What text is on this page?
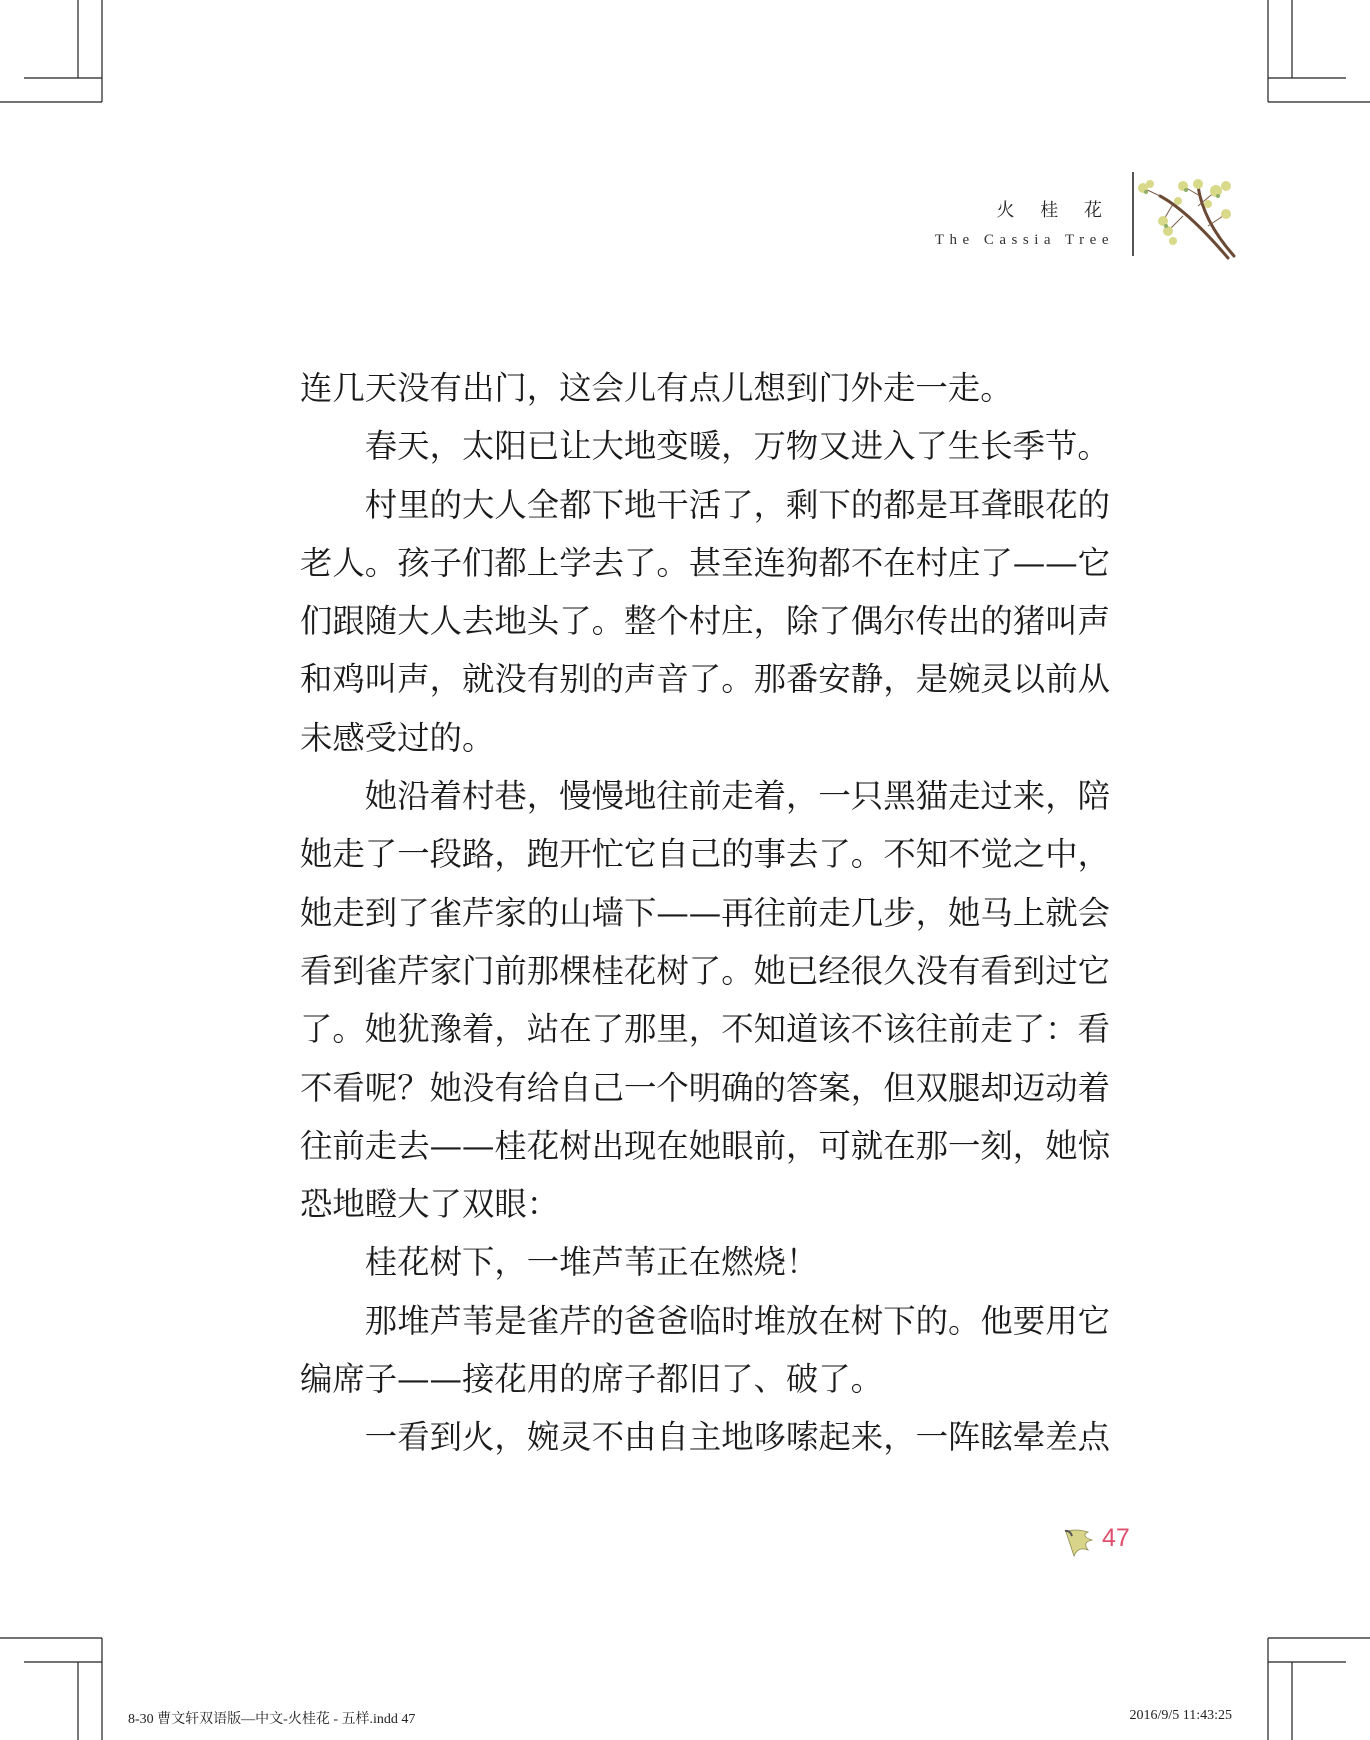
火 桂 花
The Cassia Tree
连几天没有出门，这会儿有点儿想到门外走一走。
春天，太阳已让大地变暖，万物又进入了生长季节。
村里的大人全都下地干活了，剩下的都是耳聋眼花的
老人。孩子们都上学去了。甚至连狗都不在村庄了——它
们跟随大人去地头了。整个村庄，除了偶尔传出的猪叫声
和鸡叫声，就没有别的声音了。那番安静，是婉灵以前从
未感受过的。
她沿着村巷，慢慢地往前走着，一只黑猫走过来，陪
她走了一段路，跑开忙它自己的事去了。不知不觉之中，
她走到了雀芹家的山墙下——再往前走几步，她马上就会
看到雀芹家门前那棵桂花树了。她已经很久没有看到过它
了。她犹豫着，站在了那里，不知道该不该往前走了：看
不看呢？她没有给自己一个明确的答案，但双腿却迈动着
往前走去——桂花树出现在她眼前，可就在那一刻，她惊
恐地瞪大了双眼：
桂花树下，一堆芦苇正在燃烧！
那堆芦苇是雀芹的爸爸临时堆放在树下的。他要用它
编席子——接花用的席子都旧了、破了。
一看到火，婉灵不由自主地哆嗦起来，一阵眩晕差点
47
8-30 曹文轩双语版—中文-火桂花 - 五样.indd 47	2016/9/5 11:43:25
